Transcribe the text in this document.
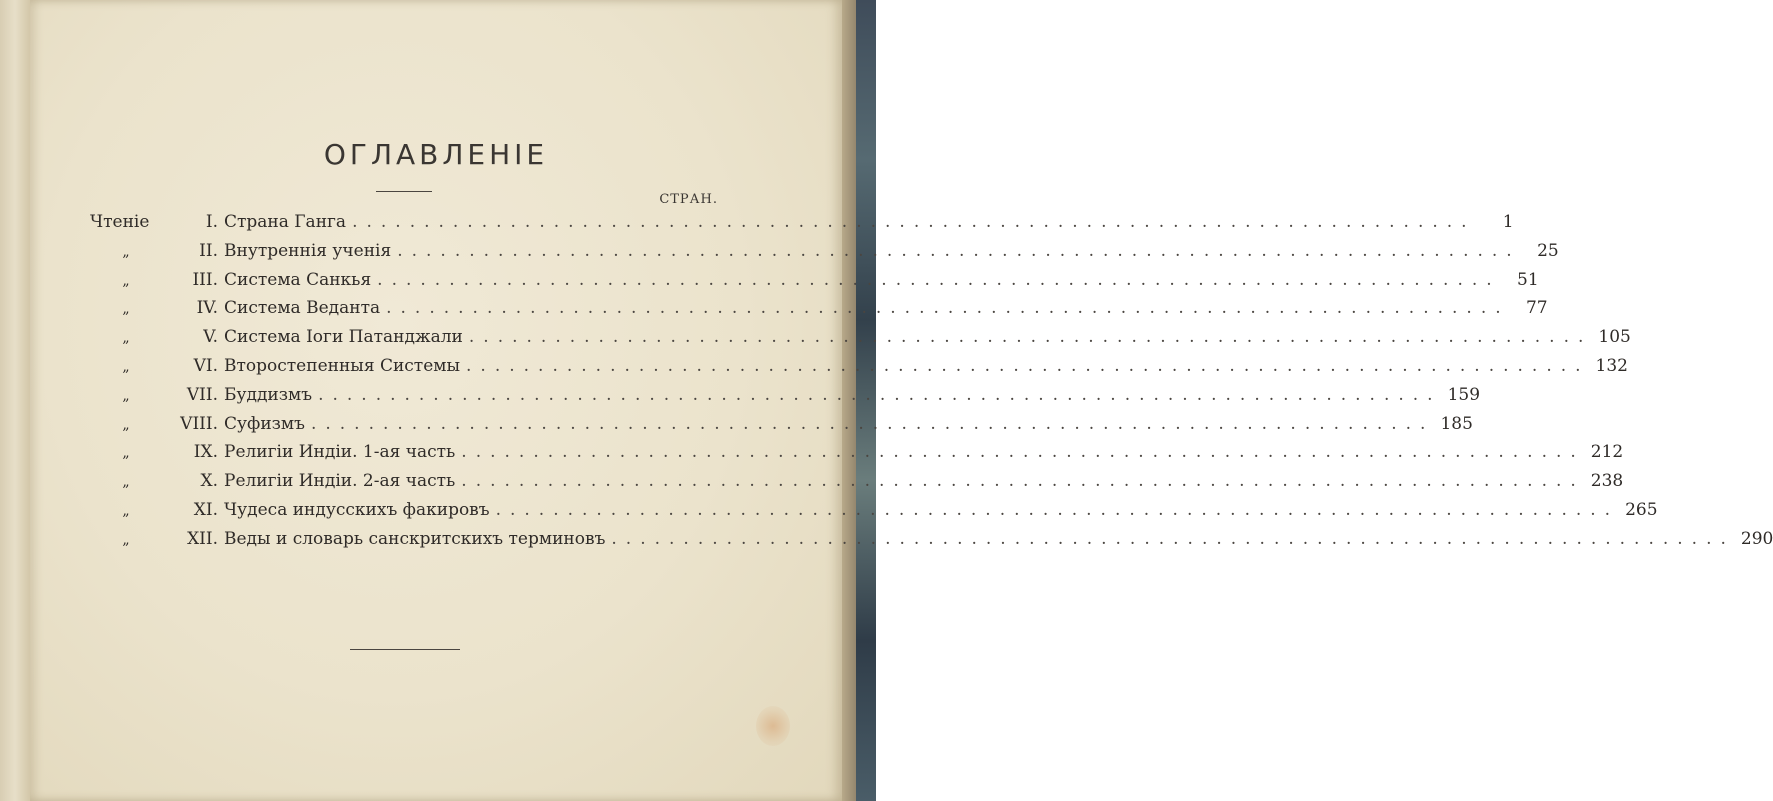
ОГЛАВЛЕНІЕ
СТРАН.
Чтеніе	I. Страна Ганга ..............................................................................	1
„	II. Внутреннія ученія .............................................................................. 25
„	III. Система Санкья .............................................................................. 51
„	IV. Система Веданта .............................................................................. 77
„	V. Система Іоги Патанджали .............................................................................. 105
„	VI. Второстепенныя Системы .............................................................................. 132
„	VII. Буддизмъ .............................................................................. 159
„	VIII. Суфизмъ .............................................................................. 185
„	IX. Религіи Индіи. 1-ая часть .............................................................................. 212
„	X. Религіи Индіи. 2-ая часть .............................................................................. 238
„	XI. Чудеса индусскихъ факировъ .............................................................................. 265
„	XII. Веды и словарь санскритскихъ терминовъ .............................................................................. 290
